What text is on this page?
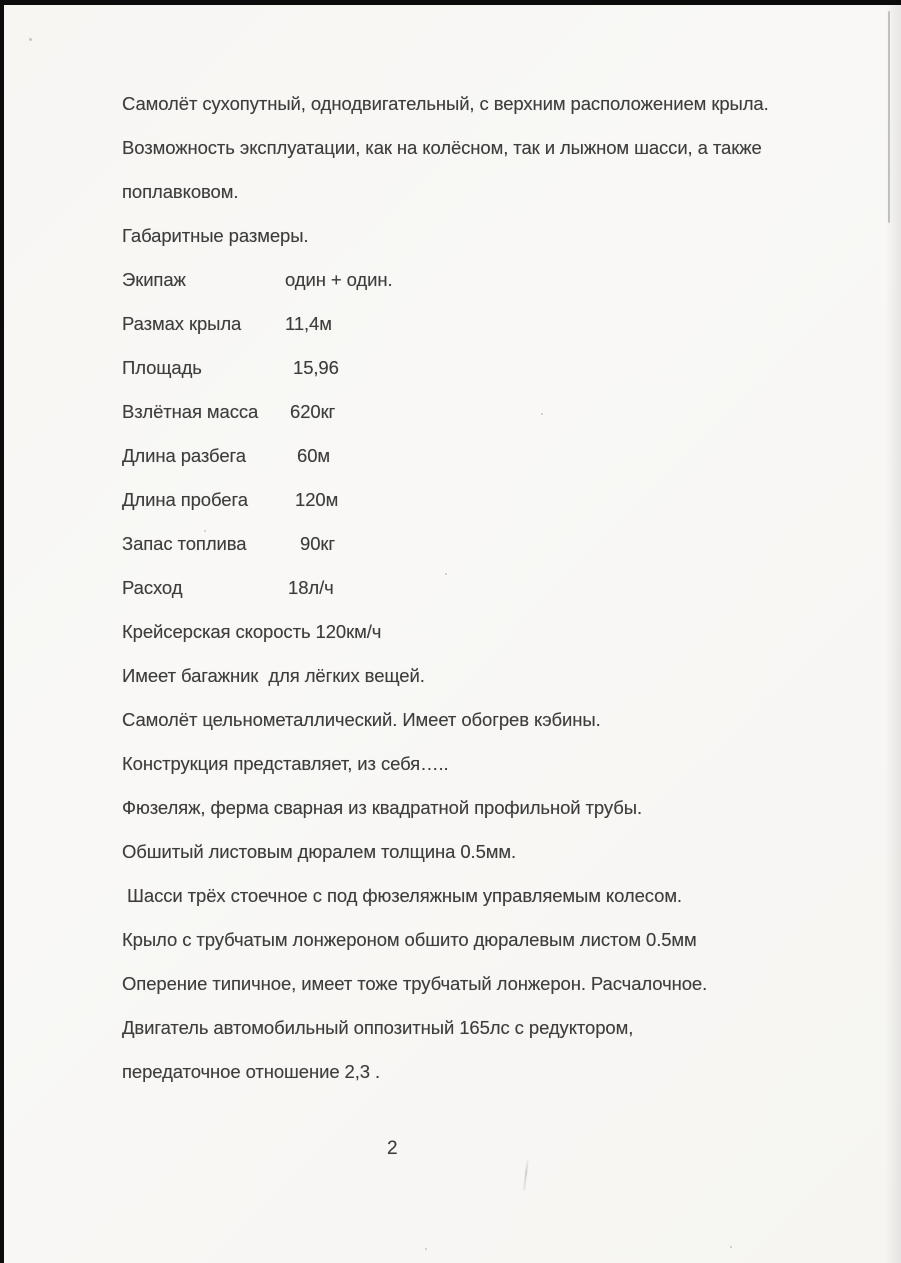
Самолёт сухопутный, однодвигательный, с верхним расположением крыла.

Возможность эксплуатации, как на колёсном, так и лыжном шасси, а также

поплавковом.

Габаритные размеры.

Экипаж	один + один.

Размах крыла 11,4м

Площадь	15,96

Взлётная масса 620кг

Длина разбега	60м

Длина пробега	120м

Запас топлива	90кг

Расход	18л/ч

Крейсерская скорость 120км/ч

Имеет багажник  для лёгких вещей.

Самолёт цельнометаллический. Имеет обогрев кэбины.

Конструкция представляет, из себя…..

Фюзеляж, ферма сварная из квадратной профильной трубы.

Обшитый листовым дюралем толщина 0.5мм.

Шасси трёх стоечное с под фюзеляжным управляемым колесом.

Крыло с трубчатым лонжероном обшито дюралевым листом 0.5мм

Оперение типичное, имеет тоже трубчатый лонжерон. Расчалочное.

Двигатель автомобильный оппозитный 165лс с редуктором,

передаточное отношение 2,3 .

2
